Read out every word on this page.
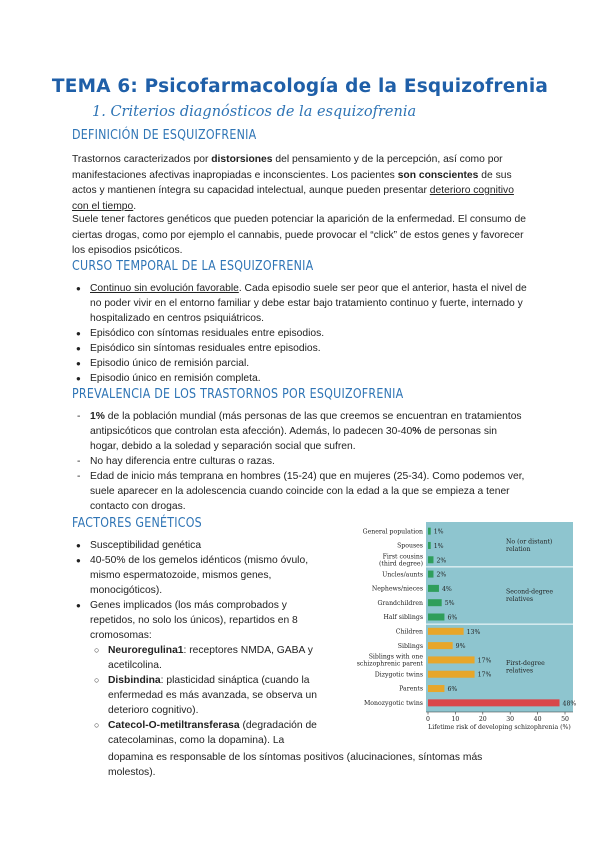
TEMA 6: Psicofarmacología de la Esquizofrenia
1. Criterios diagnósticos de la esquizofrenia
DEFINICIÓN DE ESQUIZOFRENIA
Trastornos caracterizados por distorsiones del pensamiento y de la percepción, así como por manifestaciones afectivas inapropiadas e inconscientes. Los pacientes son conscientes de sus actos y mantienen íntegra su capacidad intelectual, aunque pueden presentar deterioro cognitivo con el tiempo.
Suele tener factores genéticos que pueden potenciar la aparición de la enfermedad. El consumo de ciertas drogas, como por ejemplo el cannabis, puede provocar el “click” de estos genes y favorecer los episodios psicóticos.
CURSO TEMPORAL DE LA ESQUIZOFRENIA
● Continuo sin evolución favorable. Cada episodio suele ser peor que el anterior, hasta el nivel de no poder vivir en el entorno familiar y debe estar bajo tratamiento continuo y fuerte, internado y hospitalizado en centros psiquiátricos.
● Episódico con síntomas residuales entre episodios.
● Episódico sin síntomas residuales entre episodios.
● Episodio único de remisión parcial.
● Episodio único en remisión completa.
PREVALENCIA DE LOS TRASTORNOS POR ESQUIZOFRENIA
- 1% de la población mundial (más personas de las que creemos se encuentran en tratamientos antipsicóticos que controlan esta afección). Además, lo padecen 30-40% de personas sin hogar, debido a la soledad y separación social que sufren.
- No hay diferencia entre culturas o razas.
- Edad de inicio más temprana en hombres (15-24) que en mujeres (25-34). Como podemos ver, suele aparecer en la adolescencia cuando coincide con la edad a la que se empieza a tener contacto con drogas.
FACTORES GENÉTICOS
● Susceptibilidad genética
● 40-50% de los gemelos idénticos (mismo óvulo, mismo espermatozoide, mismos genes, monocigóticos).
● Genes implicados (los más comprobados y repetidos, no solo los únicos), repartidos en 8 cromosomas:
○ Neuroregulina1: receptores NMDA, GABA y acetilcolina.
○ Disbindina: plasticidad sináptica (cuando la enfermedad es más avanzada, se observa un deterioro cognitivo).
○ Catecol-O-metiltransferasa (degradación de catecolaminas, como la dopamina). La
dopamina es responsable de los síntomas positivos (alucinaciones, síntomas más molestos).
1%
General population
1%
Spouses
2%
First cousins
(third degree)
2%
Uncles/aunts
4%
Nephews/nieces
5%
Grandchildren
6%
Half siblings
13%
Children
9%
Siblings
17%
Siblings with one
schizophrenic parent
17%
Dizygotic twins
6%
Parents
48%
Monozygotic twins
No (or distant)
relation
Second-degree
relatives
First-degree
relatives
0	10	20	30	40	50
Lifetime risk of developing schizophrenia (%)
